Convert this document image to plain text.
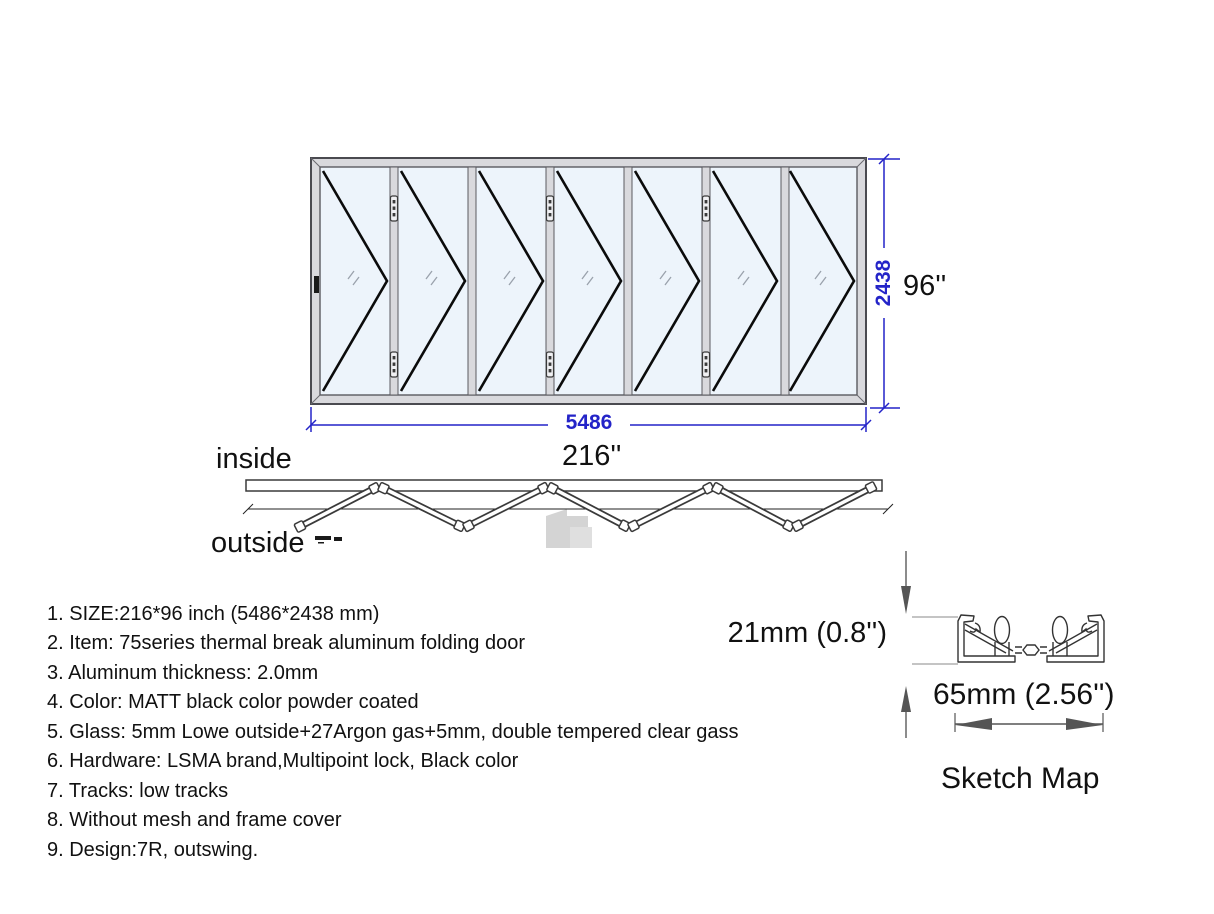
5486
216''
2438 96''
inside
outside
21mm (0.8'')
65mm (2.56'')
Sketch Map
1. SIZE:216*96 inch (5486*2438 mm)
2. Item: 75series thermal break aluminum folding door
3. Aluminum thickness: 2.0mm
4. Color: MATT black color powder coated
5. Glass: 5mm Lowe outside+27Argon gas+5mm, double tempered clear gass
6. Hardware: LSMA brand,Multipoint lock, Black color
7. Tracks: low tracks
8. Without mesh and frame cover
9. Design:7R, outswing.
